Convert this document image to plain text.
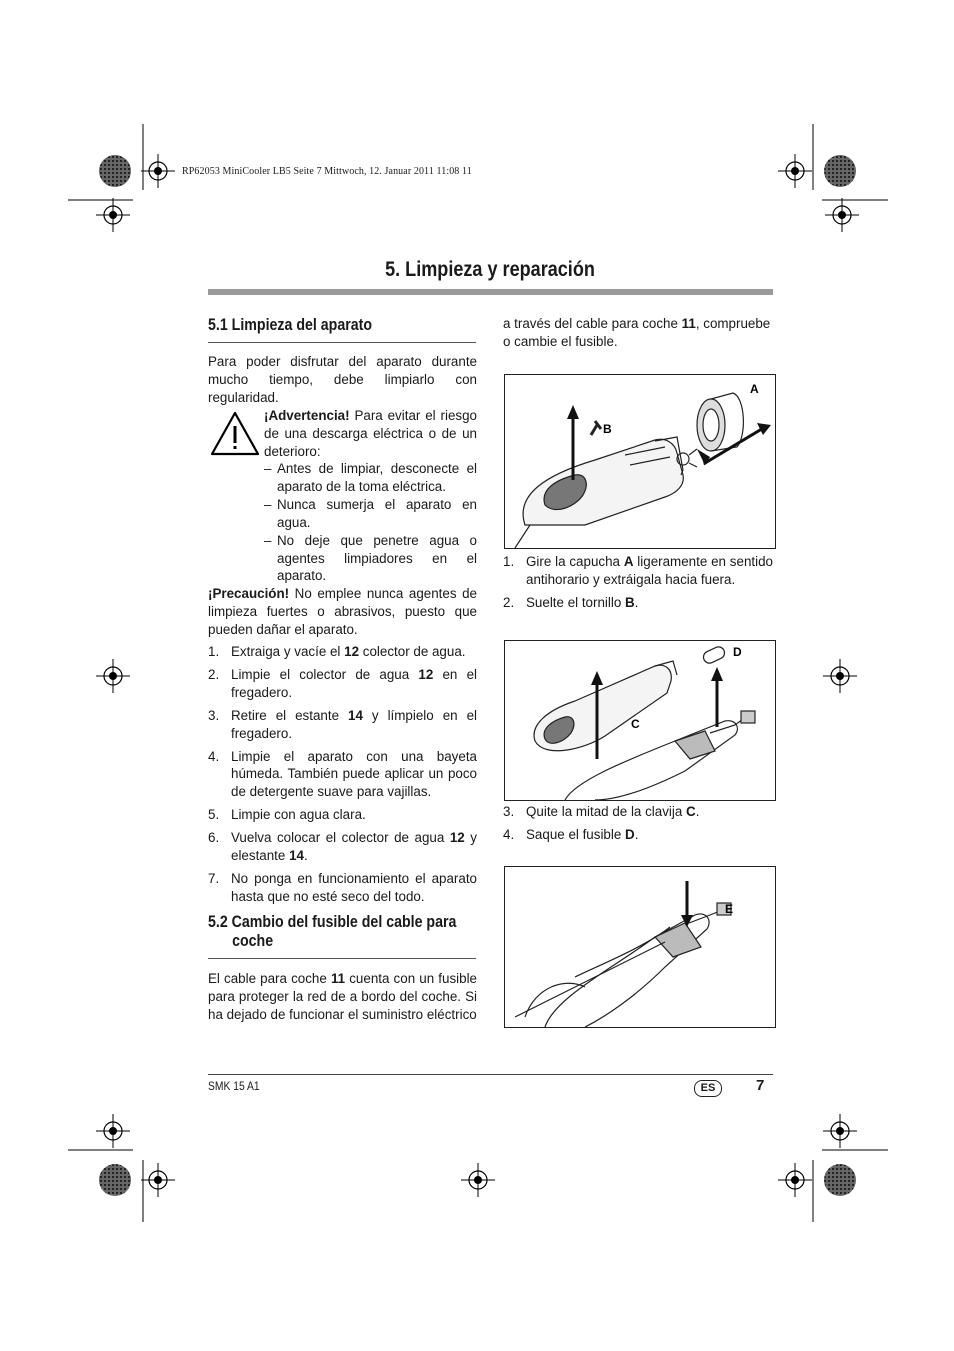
RP62053 MiniCooler LB5 Seite 7 Mittwoch, 12. Januar 2011 11:08 11
5. Limpieza y reparación
5.1 Limpieza del aparato
Para poder disfrutar del aparato durante mucho tiempo, debe limpiarlo con regularidad.
¡Advertencia! Para evitar el riesgo de una descarga eléctrica o de un deterioro:
– Antes de limpiar, desconecte el aparato de la toma eléctrica.
– Nunca sumerja el aparato en agua.
– No deje que penetre agua o agentes limpiadores en el aparato.
¡Precaución! No emplee nunca agentes de limpieza fuertes o abrasivos, puesto que pueden dañar el aparato.
1. Extraiga y vacíe el 12 colector de agua.
2. Limpie el colector de agua 12 en el fregadero.
3. Retire el estante 14 y límpielo en el fregadero.
4. Limpie el aparato con una bayeta húmeda. También puede aplicar un poco de detergente suave para vajillas.
5. Limpie con agua clara.
6. Vuelva colocar el colector de agua 12 y elestante 14.
7. No ponga en funcionamiento el aparato hasta que no esté seco del todo.
5.2 Cambio del fusible del cable para
coche
El cable para coche 11 cuenta con un fusible para proteger la red de a bordo del coche. Si ha dejado de funcionar el suministro eléctrico
a través del cable para coche 11, compruebe o cambie el fusible.
A
B
1. Gire la capucha A ligeramente en sentido antihorario y extráigala hacia fuera.
2. Suelte el tornillo B.
D
C
3. Quite la mitad de la clavija C.
4. Saque el fusible D.
E
SMK 15 A1	ES	7
